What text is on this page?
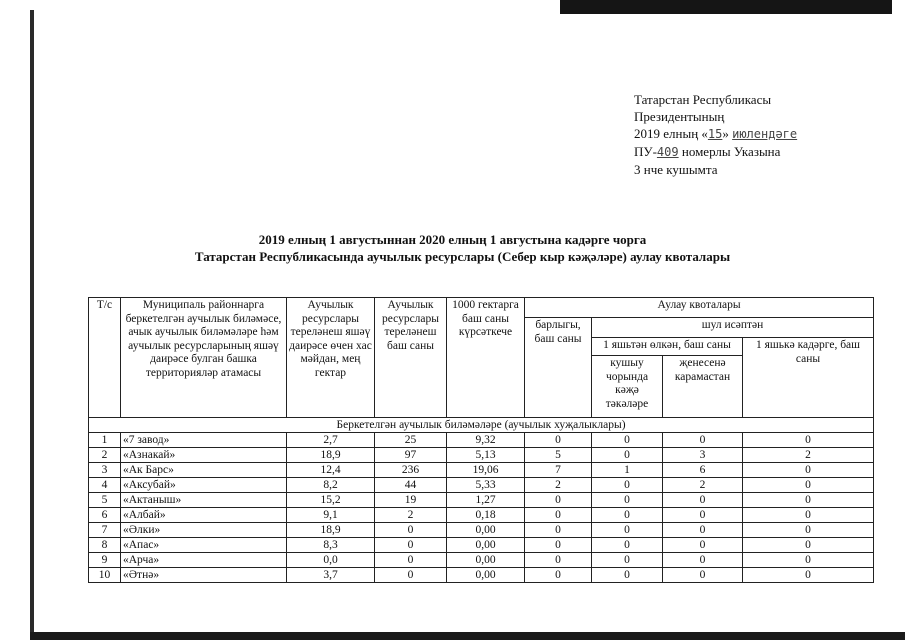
Татарстан Республикасы
Президентының
2019 елның «15» июлендәге
ПУ-409 номерлы Указына
3 нче кушымта
2019 елның 1 августыннан 2020 елның 1 августына кадәрге чорга
Татарстан Республикасында аучылык ресурслары (Себер кыр кәҗәләре) аулау квоталары
Т/с	Муниципаль районнарга беркетелгән аучылык биләмәсе, ачык аучылык биләмәләре һәм аучылык ресурсларының яшәү даирәсе булган башка территорияләр атамасы	Аучылык ресурслары тереләнеш яшәү даирәсе өчен хас мәйдан, мең гектар	Аучылык ресурслары тереләнеш баш саны	1000 гектарга баш саны күрсәткече	Аулау квоталары			
					барлыгы, баш саны	шул исәптән		
						1 яшьтән өлкән, баш саны		1 яшькә кадәрге, баш саны
						кушыу чорында кәҗә тәкәләре	җенесенә карамастан	
Беркетелгән аучылык биләмәләре (аучылык хуҗалыклары)								
1	«7 завод»	2,7	25	9,32	0	0	0	0
2	«Азнакай»	18,9	97	5,13	5	0	3	2
3	«Ак Барс»	12,4	236	19,06	7	1	6	0
4	«Аксубай»	8,2	44	5,33	2	0	2	0
5	«Актаныш»	15,2	19	1,27	0	0	0	0
6	«Албай»	9,1	2	0,18	0	0	0	0
7	«Әлки»	18,9	0	0,00	0	0	0	0
8	«Апас»	8,3	0	0,00	0	0	0	0
9	«Арча»	0,0	0	0,00	0	0	0	0
10	«Әтнә»	3,7	0	0,00	0	0	0	0
